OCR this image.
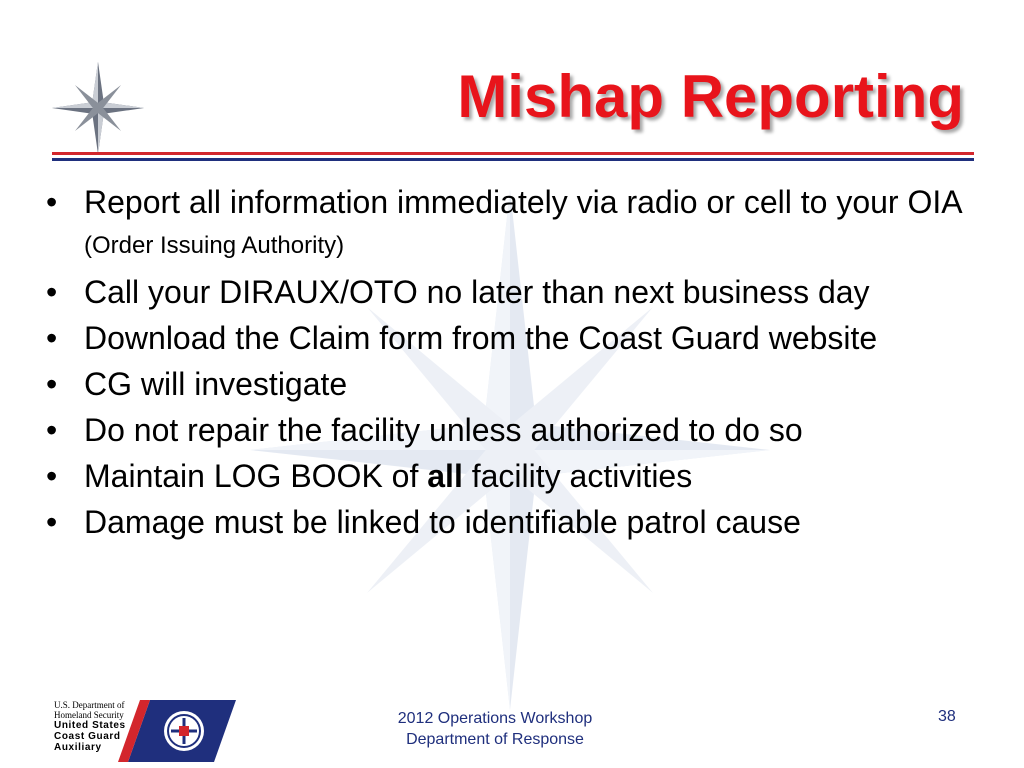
Mishap Reporting
• Report all information immediately via radio or cell to your OIA (Order Issuing Authority)
• Call your DIRAUX/OTO no later than next business day
• Download the Claim form from the Coast Guard website
• CG will investigate
• Do not repair the facility unless authorized to do so
• Maintain LOG BOOK of all facility activities
• Damage must be linked to identifiable patrol cause
U.S. Department of
Homeland Security
United States
Coast Guard
Auxiliary
2012 Operations Workshop
Department of Response
38
